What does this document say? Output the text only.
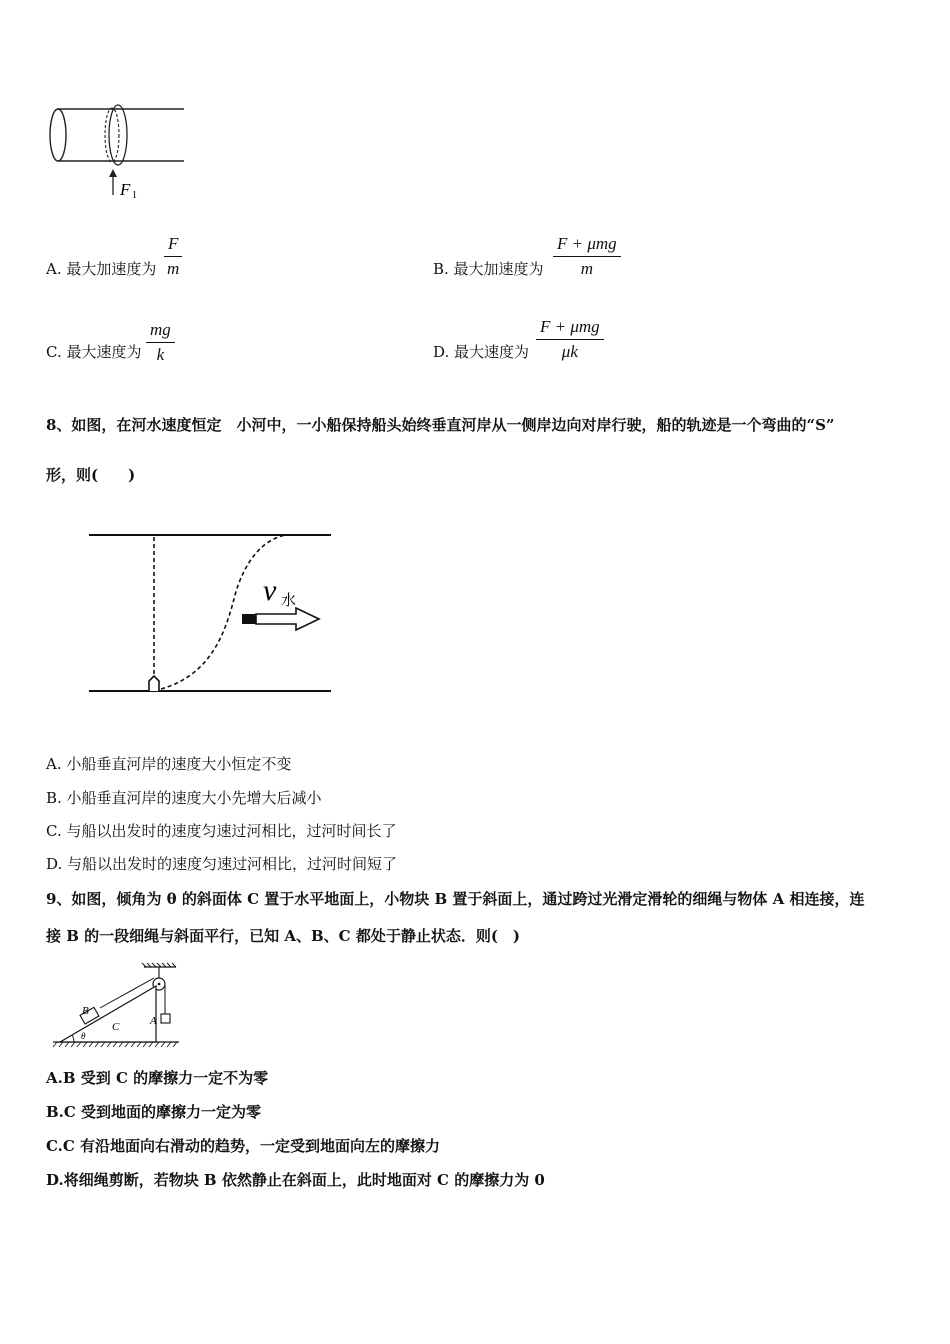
F 1
A. 最大加速度为 $\frac{F}{m}$	B. 最大加速度为 $\frac{\text{F + μmg}}{m}$
C. 最大速度为 $\frac{mg}{k}$	D. 最大速度为 $\frac{\text{F + μmg}}{\mu k}$
8、如图，在河水速度恒定　小河中，一小船保持船头始终垂直河岸从一侧岸边向对岸行驶，船的轨迹是一个弯曲的“S”
形，则(　　)
v 水
A. 小船垂直河岸的速度大小恒定不变
B. 小船垂直河岸的速度大小先增大后减小
C. 与船以出发时的速度匀速过河相比，过河时间长了
D. 与船以出发时的速度匀速过河相比，过河时间短了
9、如图，倾角为 θ 的斜面体 C 置于水平地面上，小物块 B 置于斜面上，通过跨过光滑定滑轮的细绳与物体 A 相连接，连
接 B 的一段细绳与斜面平行，已知 A、B、C 都处于静止状态．则(　)
B
C	A
θ
A.B 受到 C 的摩擦力一定不为零
B.C 受到地面的摩擦力一定为零
C.C 有沿地面向右滑动的趋势，一定受到地面向左的摩擦力
D.将细绳剪断，若物块 B 依然静止在斜面上，此时地面对 C 的摩擦力为 0
